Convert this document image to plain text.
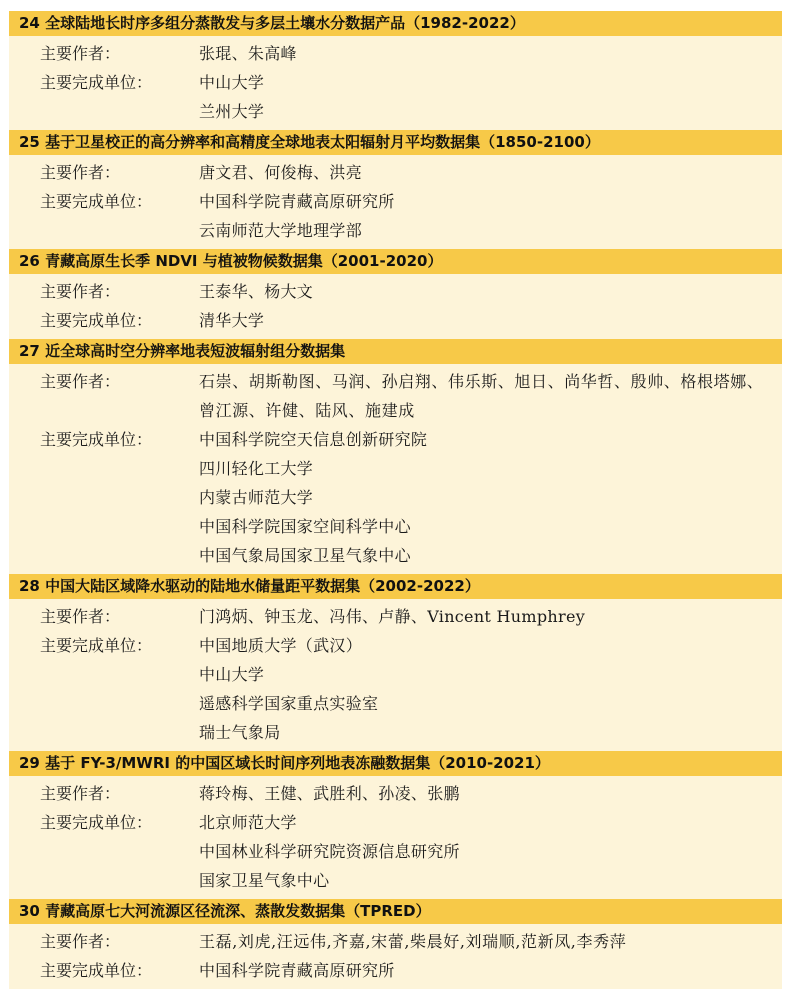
24 全球陆地长时序多组分蒸散发与多层土壤水分数据产品（1982-2022）
主要作者：	张琨、朱高峰
主要完成单位：	中山大学
兰州大学
25 基于卫星校正的高分辨率和高精度全球地表太阳辐射月平均数据集（1850-2100）
主要作者：	唐文君、何俊梅、洪亮
主要完成单位：	中国科学院青藏高原研究所
云南师范大学地理学部
26 青藏高原生长季 NDVI 与植被物候数据集（2001-2020）
主要作者：	王泰华、杨大文
主要完成单位：	清华大学
27 近全球高时空分辨率地表短波辐射组分数据集
主要作者：	石崇、胡斯勒图、马润、孙启翔、伟乐斯、旭日、尚华哲、殷帅、格根塔娜、曾江源、许健、陆风、施建成
主要完成单位：	中国科学院空天信息创新研究院
四川轻化工大学
内蒙古师范大学
中国科学院国家空间科学中心
中国气象局国家卫星气象中心
28 中国大陆区域降水驱动的陆地水储量距平数据集（2002-2022）
主要作者：	门鸿炳、钟玉龙、冯伟、卢静、Vincent Humphrey
主要完成单位：	中国地质大学（武汉）
中山大学
遥感科学国家重点实验室
瑞士气象局
29 基于 FY-3/MWRI 的中国区域长时间序列地表冻融数据集（2010-2021）
主要作者：	蒋玲梅、王健、武胜利、孙凌、张鹏
主要完成单位：	北京师范大学
中国林业科学研究院资源信息研究所
国家卫星气象中心
30 青藏高原七大河流源区径流深、蒸散发数据集（TPRED）
主要作者：	王磊,刘虎,汪远伟,齐嘉,宋蕾,柴晨好,刘瑞顺,范新凤,李秀萍
主要完成单位：	中国科学院青藏高原研究所
